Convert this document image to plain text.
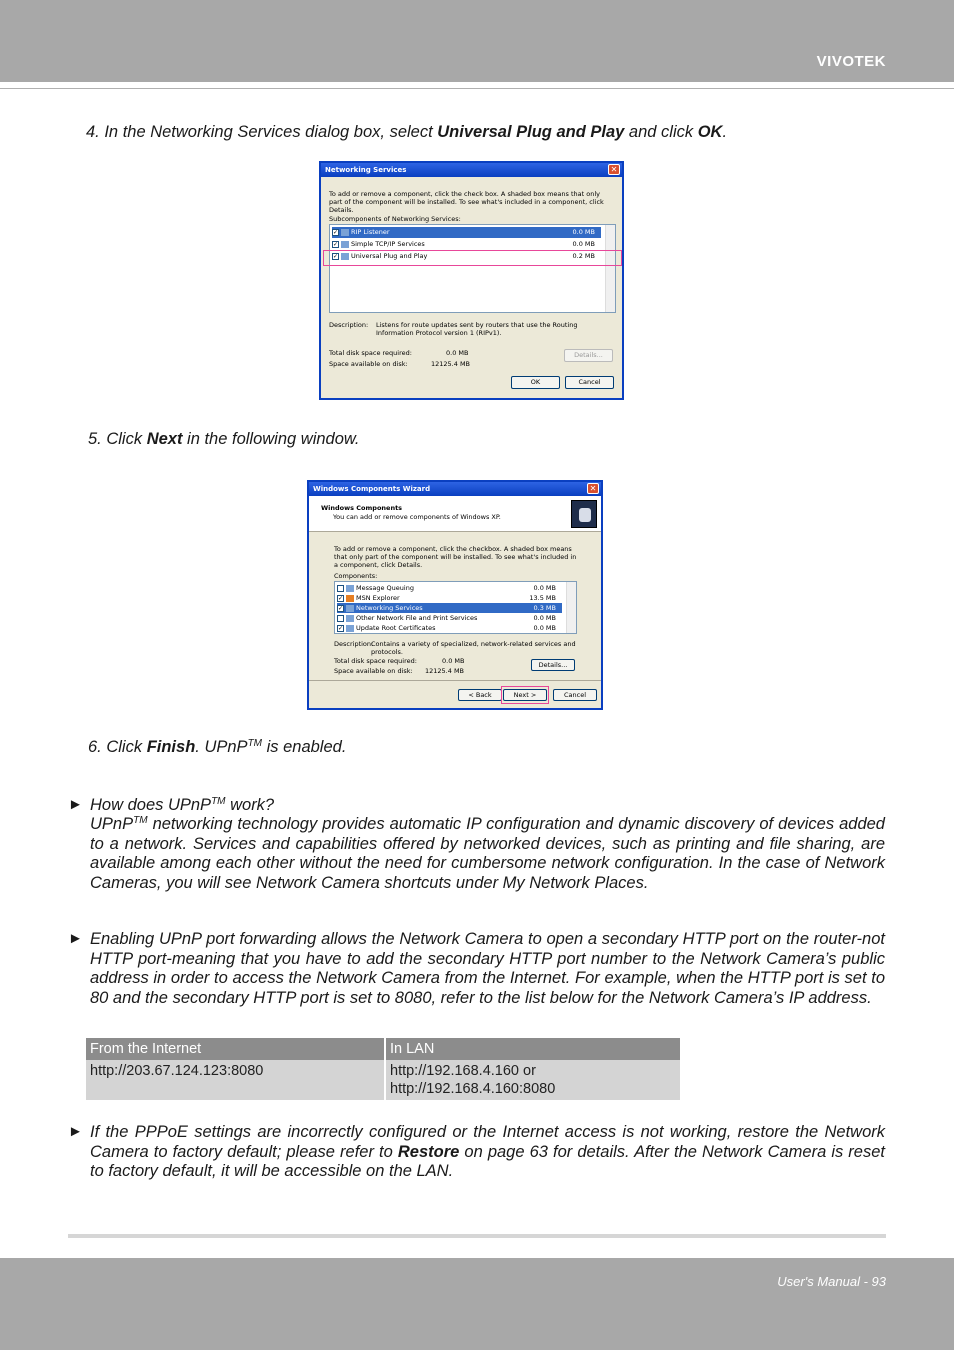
VIVOTEK
4. In the Networking Services dialog box, select Universal Plug and Play and click OK.
Networking Services	✕
To add or remove a component, click the check box. A shaded box means that only part of the component will be installed. To see what's included in a component, click Details.
Subcomponents of Networking Services:
✓ RIP Listener	0.0 MB
✓ Simple TCP/IP Services	0.0 MB
✓ Universal Plug and Play	0.2 MB
Description: Listens for route updates sent by routers that use the Routing Information Protocol version 1 (RIPv1).
Total disk space required:	0.0 MB
Space available on disk:	12125.4 MB
Details...
OK	Cancel
5. Click Next in the following window.
Windows Components Wizard	✕
Windows Components
You can add or remove components of Windows XP.
To add or remove a component, click the checkbox. A shaded box means that only part of the component will be installed. To see what's included in a component, click Details.
Components:
Message Queuing	0.0 MB
✓ MSN Explorer	13.5 MB
✓ Networking Services	0.3 MB
Other Network File and Print Services	0.0 MB
✓ Update Root Certificates	0.0 MB
Description:
Contains a variety of specialized, network-related services and protocols.
Total disk space required:	0.0 MB
Space available on disk: 12125.4 MB
Details...
< Back	Next >	Cancel
6. Click Finish. UPnP™ is enabled.
► How does UPnP™ work?
UPnP™ networking technology provides automatic IP configuration and dynamic discovery of devices added to a network. Services and capabilities offered by networked devices, such as printing and file sharing, are available among each other without the need for cumbersome network configuration. In the case of Network Cameras, you will see Network Camera shortcuts under My Network Places.
► Enabling UPnP port forwarding allows the Network Camera to open a secondary HTTP port on the router-not HTTP port-meaning that you have to add the secondary HTTP port number to the Network Camera’s public address in order to access the Network Camera from the Internet. For example, when the HTTP port is set to 80 and the secondary HTTP port is set to 8080, refer to the list below for the Network Camera’s IP address.
From the Internet	In LAN
http://203.67.124.123:8080	http://192.168.4.160 or
http://192.168.4.160:8080
► If the PPPoE settings are incorrectly configured or the Internet access is not working, restore the Network Camera to factory default; please refer to Restore on page 63 for details. After the Network Camera is reset to factory default, it will be accessible on the LAN.
User's Manual - 93
